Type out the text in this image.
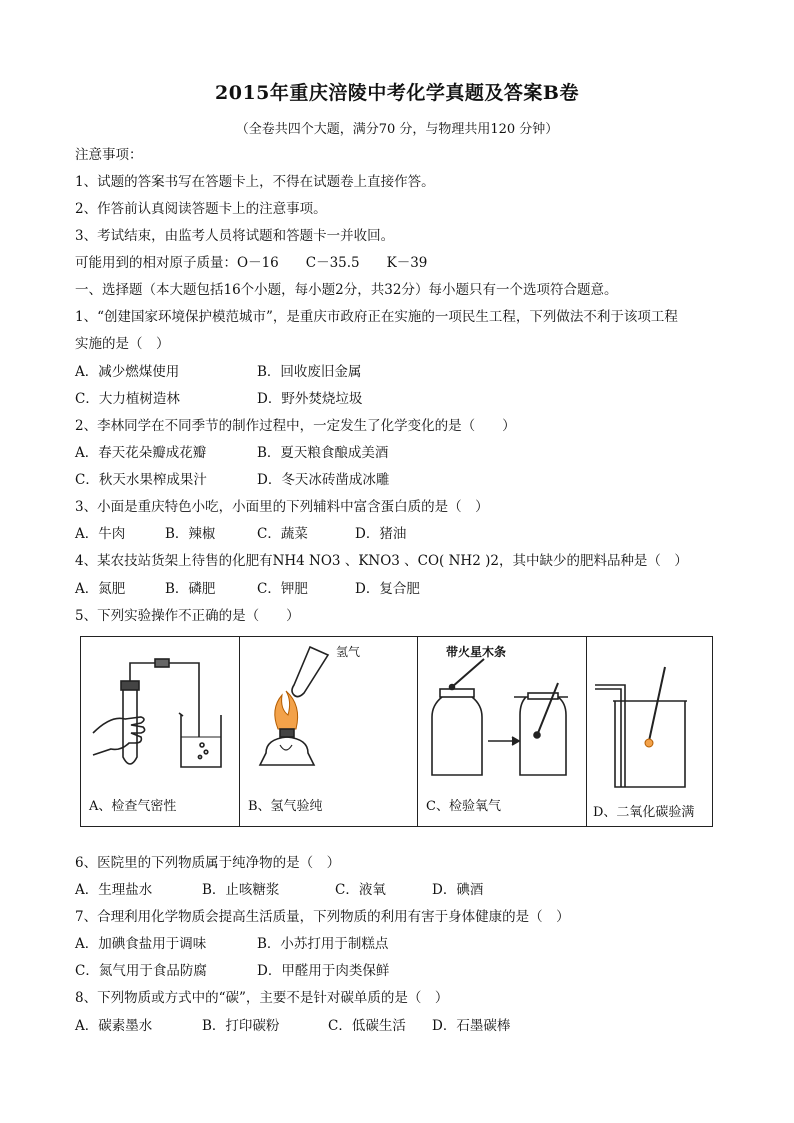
2015年重庆涪陵中考化学真题及答案B卷
（全卷共四个大题，满分70 分，与物理共用120 分钟）
注意事项：
1、试题的答案书写在答题卡上，不得在试题卷上直接作答。
2、作答前认真阅读答题卡上的注意事项。
3、考试结束，由监考人员将试题和答题卡一并收回。
可能用到的相对原子质量：O－16　　C－35.5　　K－39
一、选择题（本大题包括16个小题，每小题2分，共32分）每小题只有一个选项符合题意。
1、“创建国家环境保护模范城市”，是重庆市政府正在实施的一项民生工程，下列做法不利于该项工程
实施的是（　）
A．减少燃煤使用	B．回收废旧金属
C．大力植树造林	D．野外焚烧垃圾
2、李林同学在不同季节的制作过程中，一定发生了化学变化的是（　　）
A．春天花朵瓣成花瓣	B．夏天粮食酿成美酒
C．秋天水果榨成果汁	D．冬天冰砖凿成冰雕
3、小面是重庆特色小吃，小面里的下列辅料中富含蛋白质的是（　）
A．牛肉	B．辣椒	C．蔬菜	D．猪油
4、某农技站货架上待售的化肥有NH4 NO3 、KNO3 、CO( NH2 )2，其中缺少的肥料品种是（　）
A．氮肥	B．磷肥	C．钾肥	D．复合肥
5、下列实验操作不正确的是（　　）
A、检查气密性
氢气
B、氢气验纯
带火星木条
C、检验氧气	D、二氧化碳验满
6、医院里的下列物质属于纯净物的是（　）
A．生理盐水	B．止咳糖浆	C．液氧	D．碘酒
7、合理利用化学物质会提高生活质量，下列物质的利用有害于身体健康的是（　）
A．加碘食盐用于调味	B．小苏打用于制糕点
C．氮气用于食品防腐	D．甲醛用于肉类保鲜
8、下列物质或方式中的“碳”，主要不是针对碳单质的是（　）
A．碳素墨水	B．打印碳粉	C．低碳生活 D．石墨碳棒
